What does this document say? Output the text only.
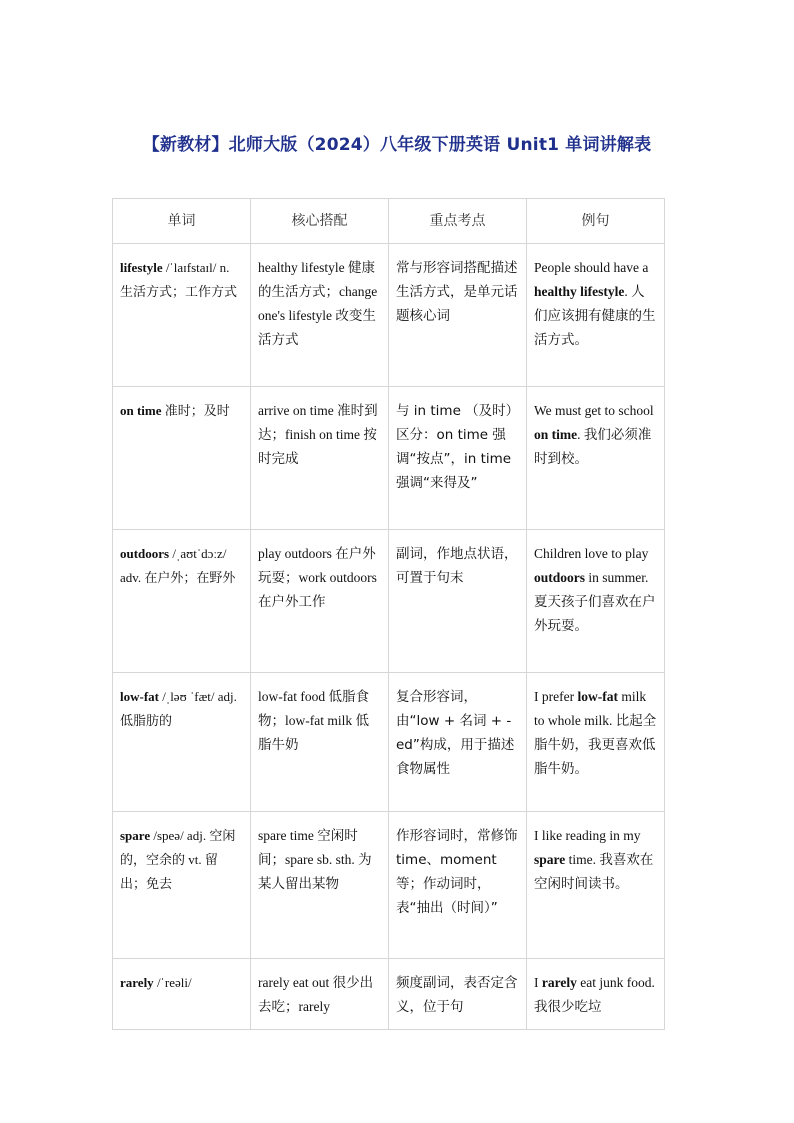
【新教材】北师大版（2024）八年级下册英语 Unit1 单词讲解表
单词	核心搭配	重点考点	例句
lifestyle /ˈlaɪfstaɪl/ n. 生活方式；工作方式	healthy lifestyle 健康的生活方式；change one's lifestyle 改变生活方式	常与形容词搭配描述生活方式，是单元话题核心词	People should have a healthy lifestyle. 人们应该拥有健康的生活方式。
on time 准时；及时	arrive on time 准时到达；finish on time 按时完成	与 in time （及时）区分：on time 强调“按点”，in time 强调“来得及”	We must get to school on time. 我们必须准时到校。
outdoors /ˌaʊtˈdɔːz/ adv. 在户外；在野外	play outdoors 在户外玩耍；work outdoors 在户外工作	副词，作地点状语，可置于句末	Children love to play outdoors in summer. 夏天孩子们喜欢在户外玩耍。
low-fat /ˌləʊ ˈfæt/ adj. 低脂肪的	low-fat food 低脂食物；low-fat milk 低脂牛奶	复合形容词，由“low + 名词 + -ed”构成，用于描述食物属性	I prefer low-fat milk to whole milk. 比起全脂牛奶，我更喜欢低脂牛奶。
spare /speə/ adj. 空闲的，空余的 vt. 留出；免去	spare time 空闲时间；spare sb. sth. 为某人留出某物	作形容词时，常修饰 time、moment 等；作动词时，表“抽出（时间）”	I like reading in my spare time. 我喜欢在空闲时间读书。
rarely /ˈreəli/	rarely eat out 很少出去吃；rarely	频度副词，表否定含义，位于句	I rarely eat junk food. 我很少吃垃
